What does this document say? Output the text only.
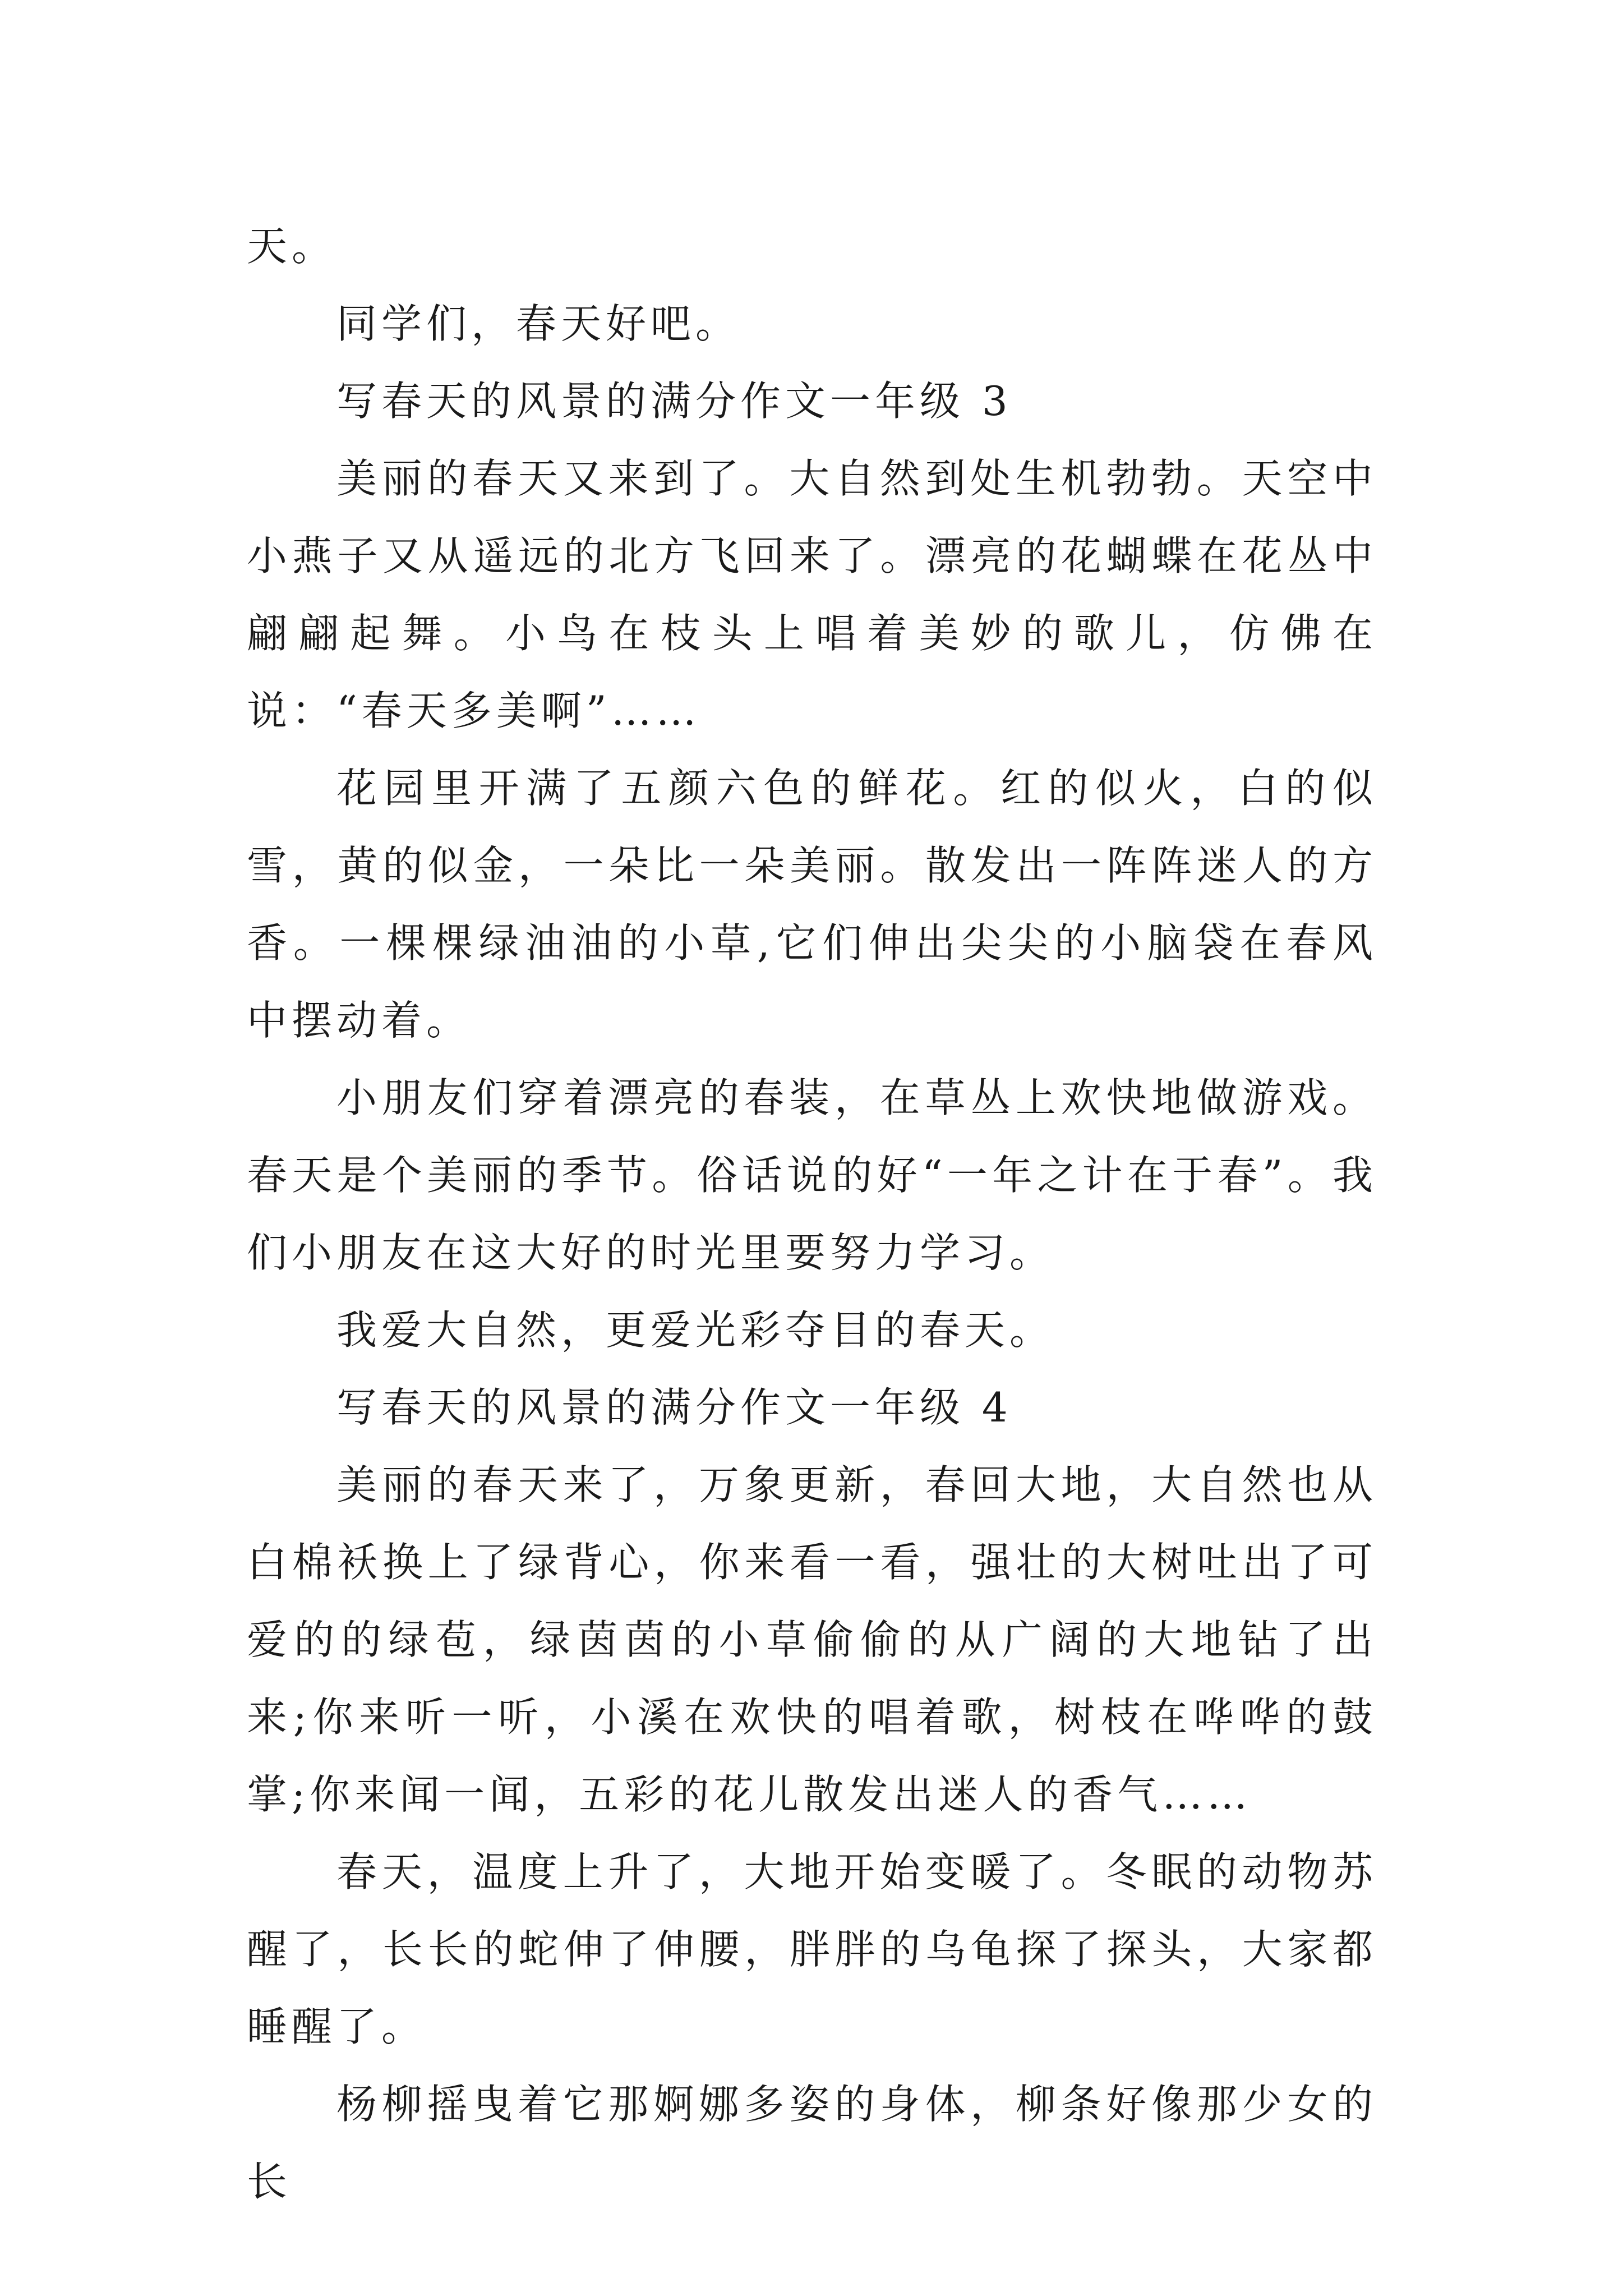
天。

同学们，春天好吧。

写春天的风景的满分作文一年级 3

美丽的春天又来到了。大自然到处生机勃勃。天空中小燕子又从遥远的北方飞回来了。漂亮的花蝴蝶在花丛中翩翩起舞。小鸟在枝头上唱着美妙的歌儿，仿佛在说：“春天多美啊”……

花园里开满了五颜六色的鲜花。红的似火，白的似雪，黄的似金，一朵比一朵美丽。散发出一阵阵迷人的方香。一棵棵绿油油的小草,它们伸出尖尖的小脑袋在春风中摆动着。

小朋友们穿着漂亮的春装，在草丛上欢快地做游戏。春天是个美丽的季节。俗话说的好“一年之计在于春”。我们小朋友在这大好的时光里要努力学习。

我爱大自然，更爱光彩夺目的春天。

写春天的风景的满分作文一年级 4

美丽的春天来了，万象更新，春回大地，大自然也从白棉袄换上了绿背心，你来看一看，强壮的大树吐出了可爱的的绿苞，绿茵茵的小草偷偷的从广阔的大地钻了出来;你来听一听，小溪在欢快的唱着歌，树枝在哗哗的鼓掌;你来闻一闻，五彩的花儿散发出迷人的香气……

春天，温度上升了，大地开始变暖了。冬眠的动物苏醒了，长长的蛇伸了伸腰，胖胖的乌龟探了探头，大家都睡醒了。

杨柳摇曳着它那婀娜多姿的身体，柳条好像那少女的长
